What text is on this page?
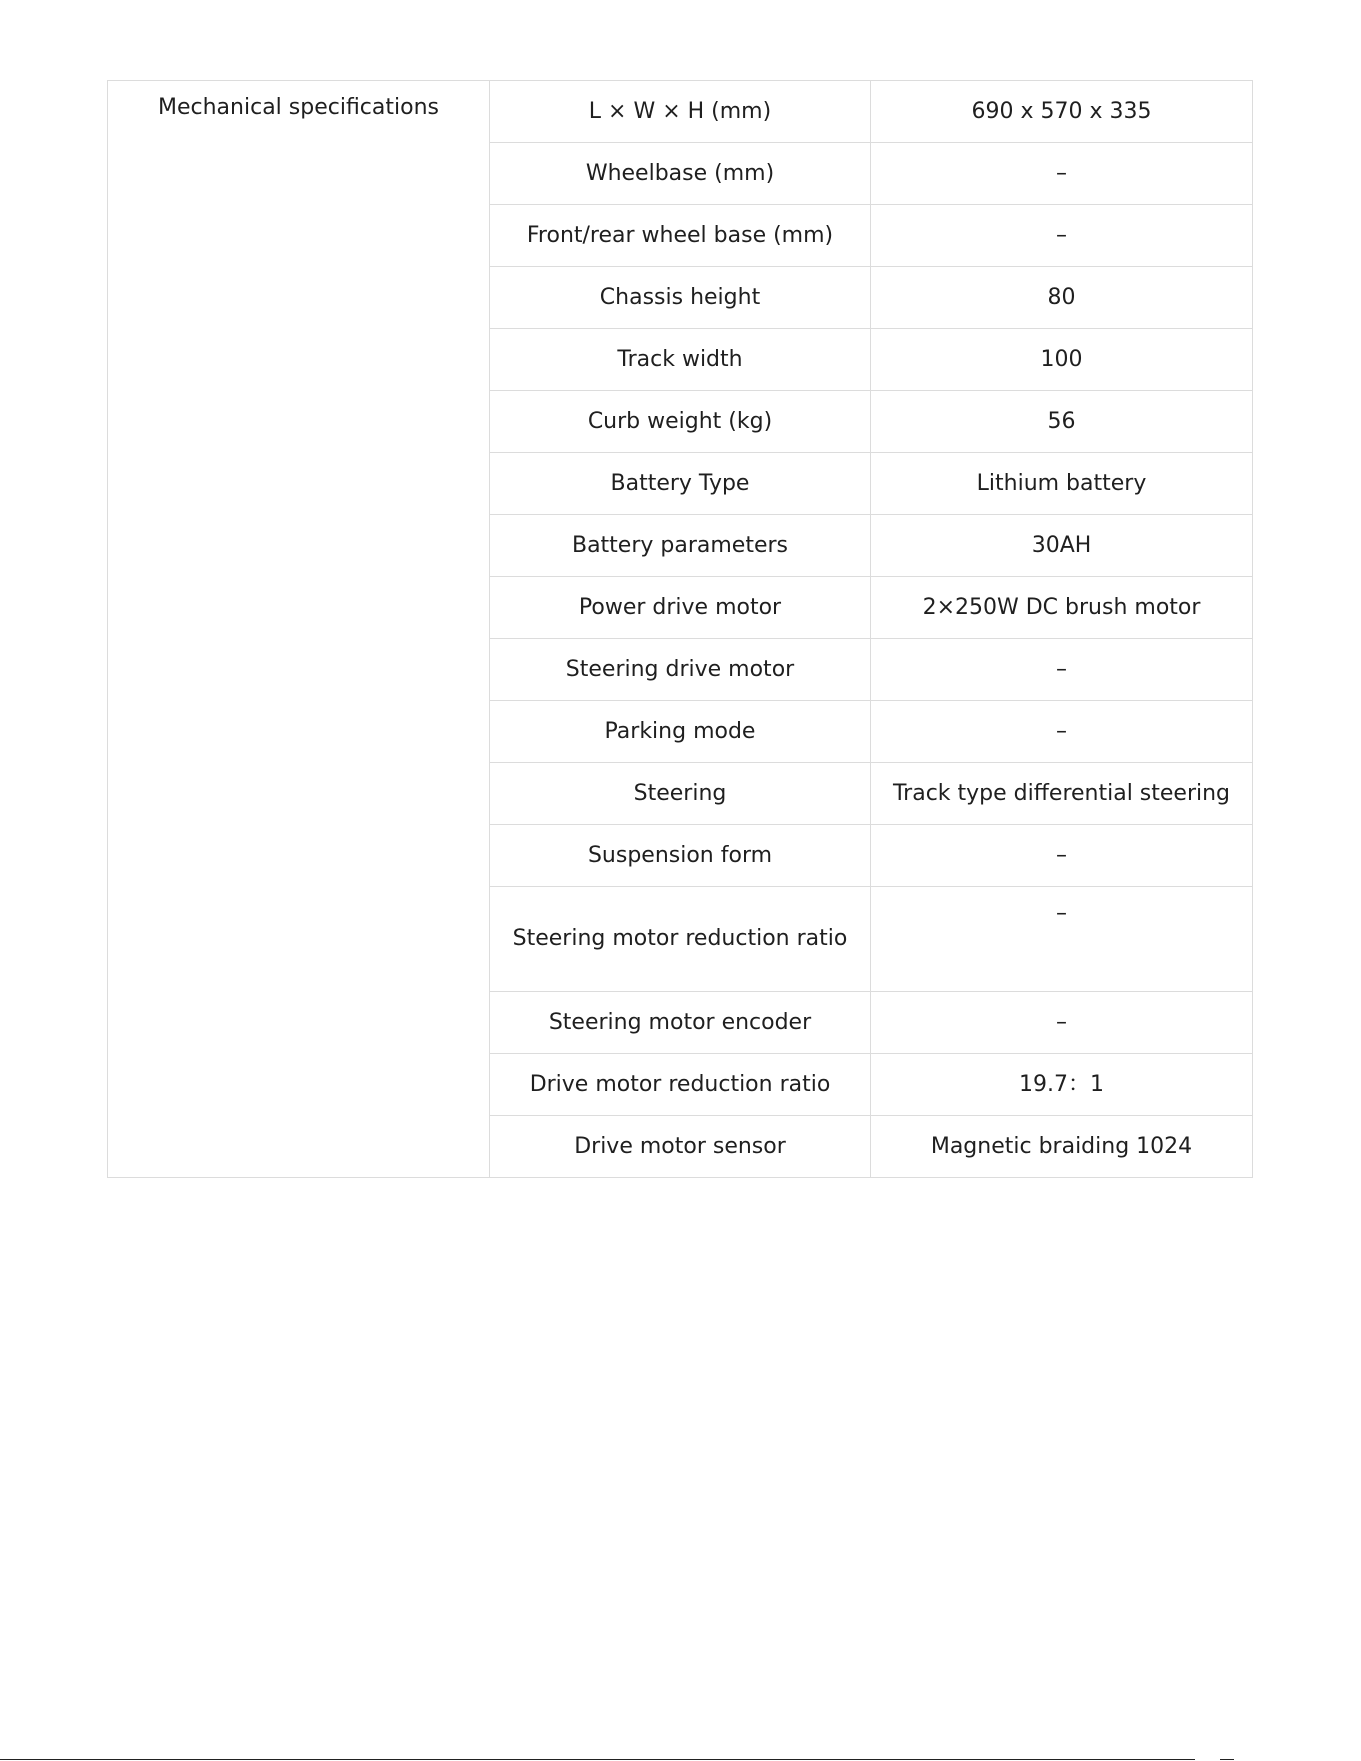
Mechanical specifications	L × W × H (mm)	690 x 570 x 335
	Wheelbase (mm)	–
	Front/rear wheel base (mm)	–
	Chassis height	80
	Track width	100
	Curb weight (kg)	56
	Battery Type	Lithium battery
	Battery parameters	30AH
	Power drive motor	2×250W DC brush motor
	Steering drive motor	–
	Parking mode	–
	Steering	Track type differential steering
	Suspension form	–
	Steering motor reduction ratio	–
	Steering motor encoder	–
	Drive motor reduction ratio	19.7：1
	Drive motor sensor	Magnetic braiding 1024
